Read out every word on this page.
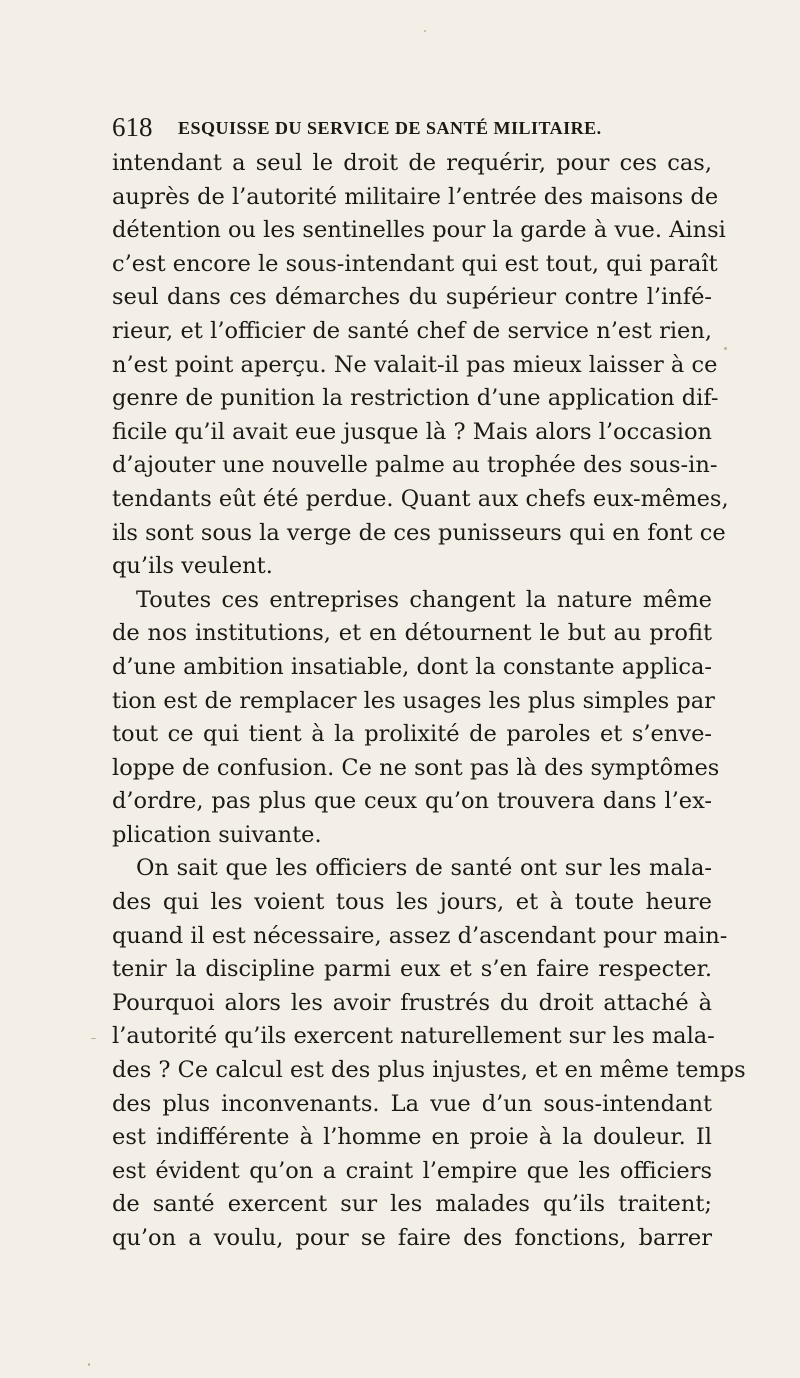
618 ESQUISSE DU SERVICE DE SANTÉ MILITAIRE.
intendant a seul le droit de requérir, pour ces cas,
auprès de l’autorité militaire l’entrée des maisons de
détention ou les sentinelles pour la garde à vue. Ainsi
c’est encore le sous-intendant qui est tout, qui paraît
seul dans ces démarches du supérieur contre l’infé-
rieur, et l’officier de santé chef de service n’est rien,
n’est point aperçu. Ne valait-il pas mieux laisser à ce
genre de punition la restriction d’une application dif-
ficile qu’il avait eue jusque là ? Mais alors l’occasion
d’ajouter une nouvelle palme au trophée des sous-in-
tendants eût été perdue. Quant aux chefs eux-mêmes,
ils sont sous la verge de ces punisseurs qui en font ce
qu’ils veulent.
Toutes ces entreprises changent la nature même
de nos institutions, et en détournent le but au profit
d’une ambition insatiable, dont la constante applica-
tion est de remplacer les usages les plus simples par
tout ce qui tient à la prolixité de paroles et s’enve-
loppe de confusion. Ce ne sont pas là des symptômes
d’ordre, pas plus que ceux qu’on trouvera dans l’ex-
plication suivante.
On sait que les officiers de santé ont sur les mala-
des qui les voient tous les jours, et à toute heure
quand il est nécessaire, assez d’ascendant pour main-
tenir la discipline parmi eux et s’en faire respecter.
Pourquoi alors les avoir frustrés du droit attaché à
l’autorité qu’ils exercent naturellement sur les mala-
des ? Ce calcul est des plus injustes, et en même temps
des plus inconvenants. La vue d’un sous-intendant
est indifférente à l’homme en proie à la douleur. Il
est évident qu’on a craint l’empire que les officiers
de santé exercent sur les malades qu’ils traitent;
qu’on a voulu, pour se faire des fonctions, barrer
